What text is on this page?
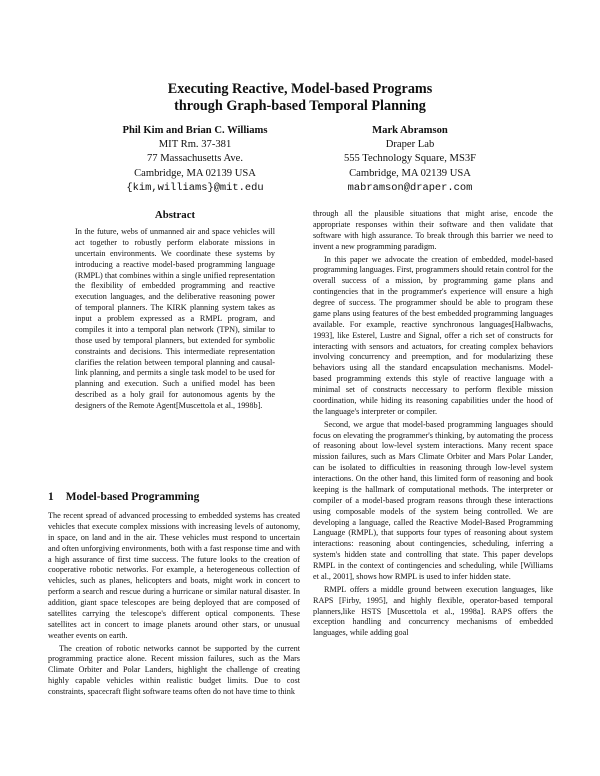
Executing Reactive, Model-based Programs
through Graph-based Temporal Planning
Phil Kim and Brian C. Williams
MIT Rm. 37-381
77 Massachusetts Ave.
Cambridge, MA 02139 USA
{kim,williams}@mit.edu
Mark Abramson
Draper Lab
555 Technology Square, MS3F
Cambridge, MA 02139 USA
mabramson@draper.com
Abstract

In the future, webs of unmanned air and space vehicles will act together to robustly perform elaborate missions in uncertain environments. We coordinate these systems by introducing a reactive model-based programming language (RMPL) that combines within a single unified representation the flexibility of embedded programming and reactive execution languages, and the deliberative reasoning power of temporal planners. The KIRK planning system takes as input a problem expressed as a RMPL program, and compiles it into a temporal plan network (TPN), similar to those used by temporal planners, but extended for symbolic constraints and decisions. This intermediate representation clarifies the relation between temporal planning and causal-link planning, and permits a single task model to be used for planning and execution. Such a unified model has been described as a holy grail for autonomous agents by the designers of the Remote Agent[Muscettola et al., 1998b].

1 Model-based Programming

The recent spread of advanced processing to embedded systems has created vehicles that execute complex missions with increasing levels of autonomy, in space, on land and in the air. These vehicles must respond to uncertain and often unforgiving environments, both with a fast response time and with a high assurance of first time success. The future looks to the creation of cooperative robotic networks. For example, a heterogeneous collection of vehicles, such as planes, helicopters and boats, might work in concert to perform a search and rescue during a hurricane or similar natural disaster. In addition, giant space telescopes are being deployed that are composed of satellites carrying the telescope's different optical components. These satellites act in concert to image planets around other stars, or unusual weather events on earth.

The creation of robotic networks cannot be supported by the current programming practice alone. Recent mission failures, such as the Mars Climate Orbiter and Polar Landers, highlight the challenge of creating highly capable vehicles within realistic budget limits. Due to cost constraints, spacecraft flight software teams often do not have time to think

through all the plausible situations that might arise, encode the appropriate responses within their software and then validate that software with high assurance. To break through this barrier we need to invent a new programming paradigm.

In this paper we advocate the creation of embedded, model-based programming languages. First, programmers should retain control for the overall success of a mission, by programming game plans and contingencies that in the programmer's experience will ensure a high degree of success. The programmer should be able to program these game plans using features of the best embedded programming languages available. For example, reactive synchronous languages[Halbwachs, 1993], like Esterel, Lustre and Signal, offer a rich set of constructs for interacting with sensors and actuators, for creating complex behaviors involving concurrency and preemption, and for modularizing these behaviors using all the standard encapsulation mechanisms. Model-based programming extends this style of reactive language with a minimal set of constructs neccessary to perform flexible mission coordination, while hiding its reasoning capabilities under the hood of the language's interpreter or compiler.

Second, we argue that model-based programming languages should focus on elevating the programmer's thinking, by automating the process of reasoning about low-level system interactions. Many recent space mission failures, such as Mars Climate Orbiter and Mars Polar Lander, can be isolated to difficulties in reasoning through low-level system interactions. On the other hand, this limited form of reasoning and book keeping is the hallmark of computational methods. The interpreter or compiler of a model-based program reasons through these interactions using composable models of the system being controlled. We are developing a language, called the Reactive Model-Based Programming Language (RMPL), that supports four types of reasoning about system interactions: reasoning about contingencies, scheduling, inferring a system's hidden state and controlling that state. This paper develops RMPL in the context of contingencies and scheduling, while [Williams et al., 2001], shows how RMPL is used to infer hidden state.

RMPL offers a middle ground between execution languages, like RAPS [Firby, 1995], and highly flexible, operator-based temporal planners,like HSTS [Muscettola et al., 1998a]. RAPS offers the exception handling and concurrency mechanisms of embedded languages, while adding goal
